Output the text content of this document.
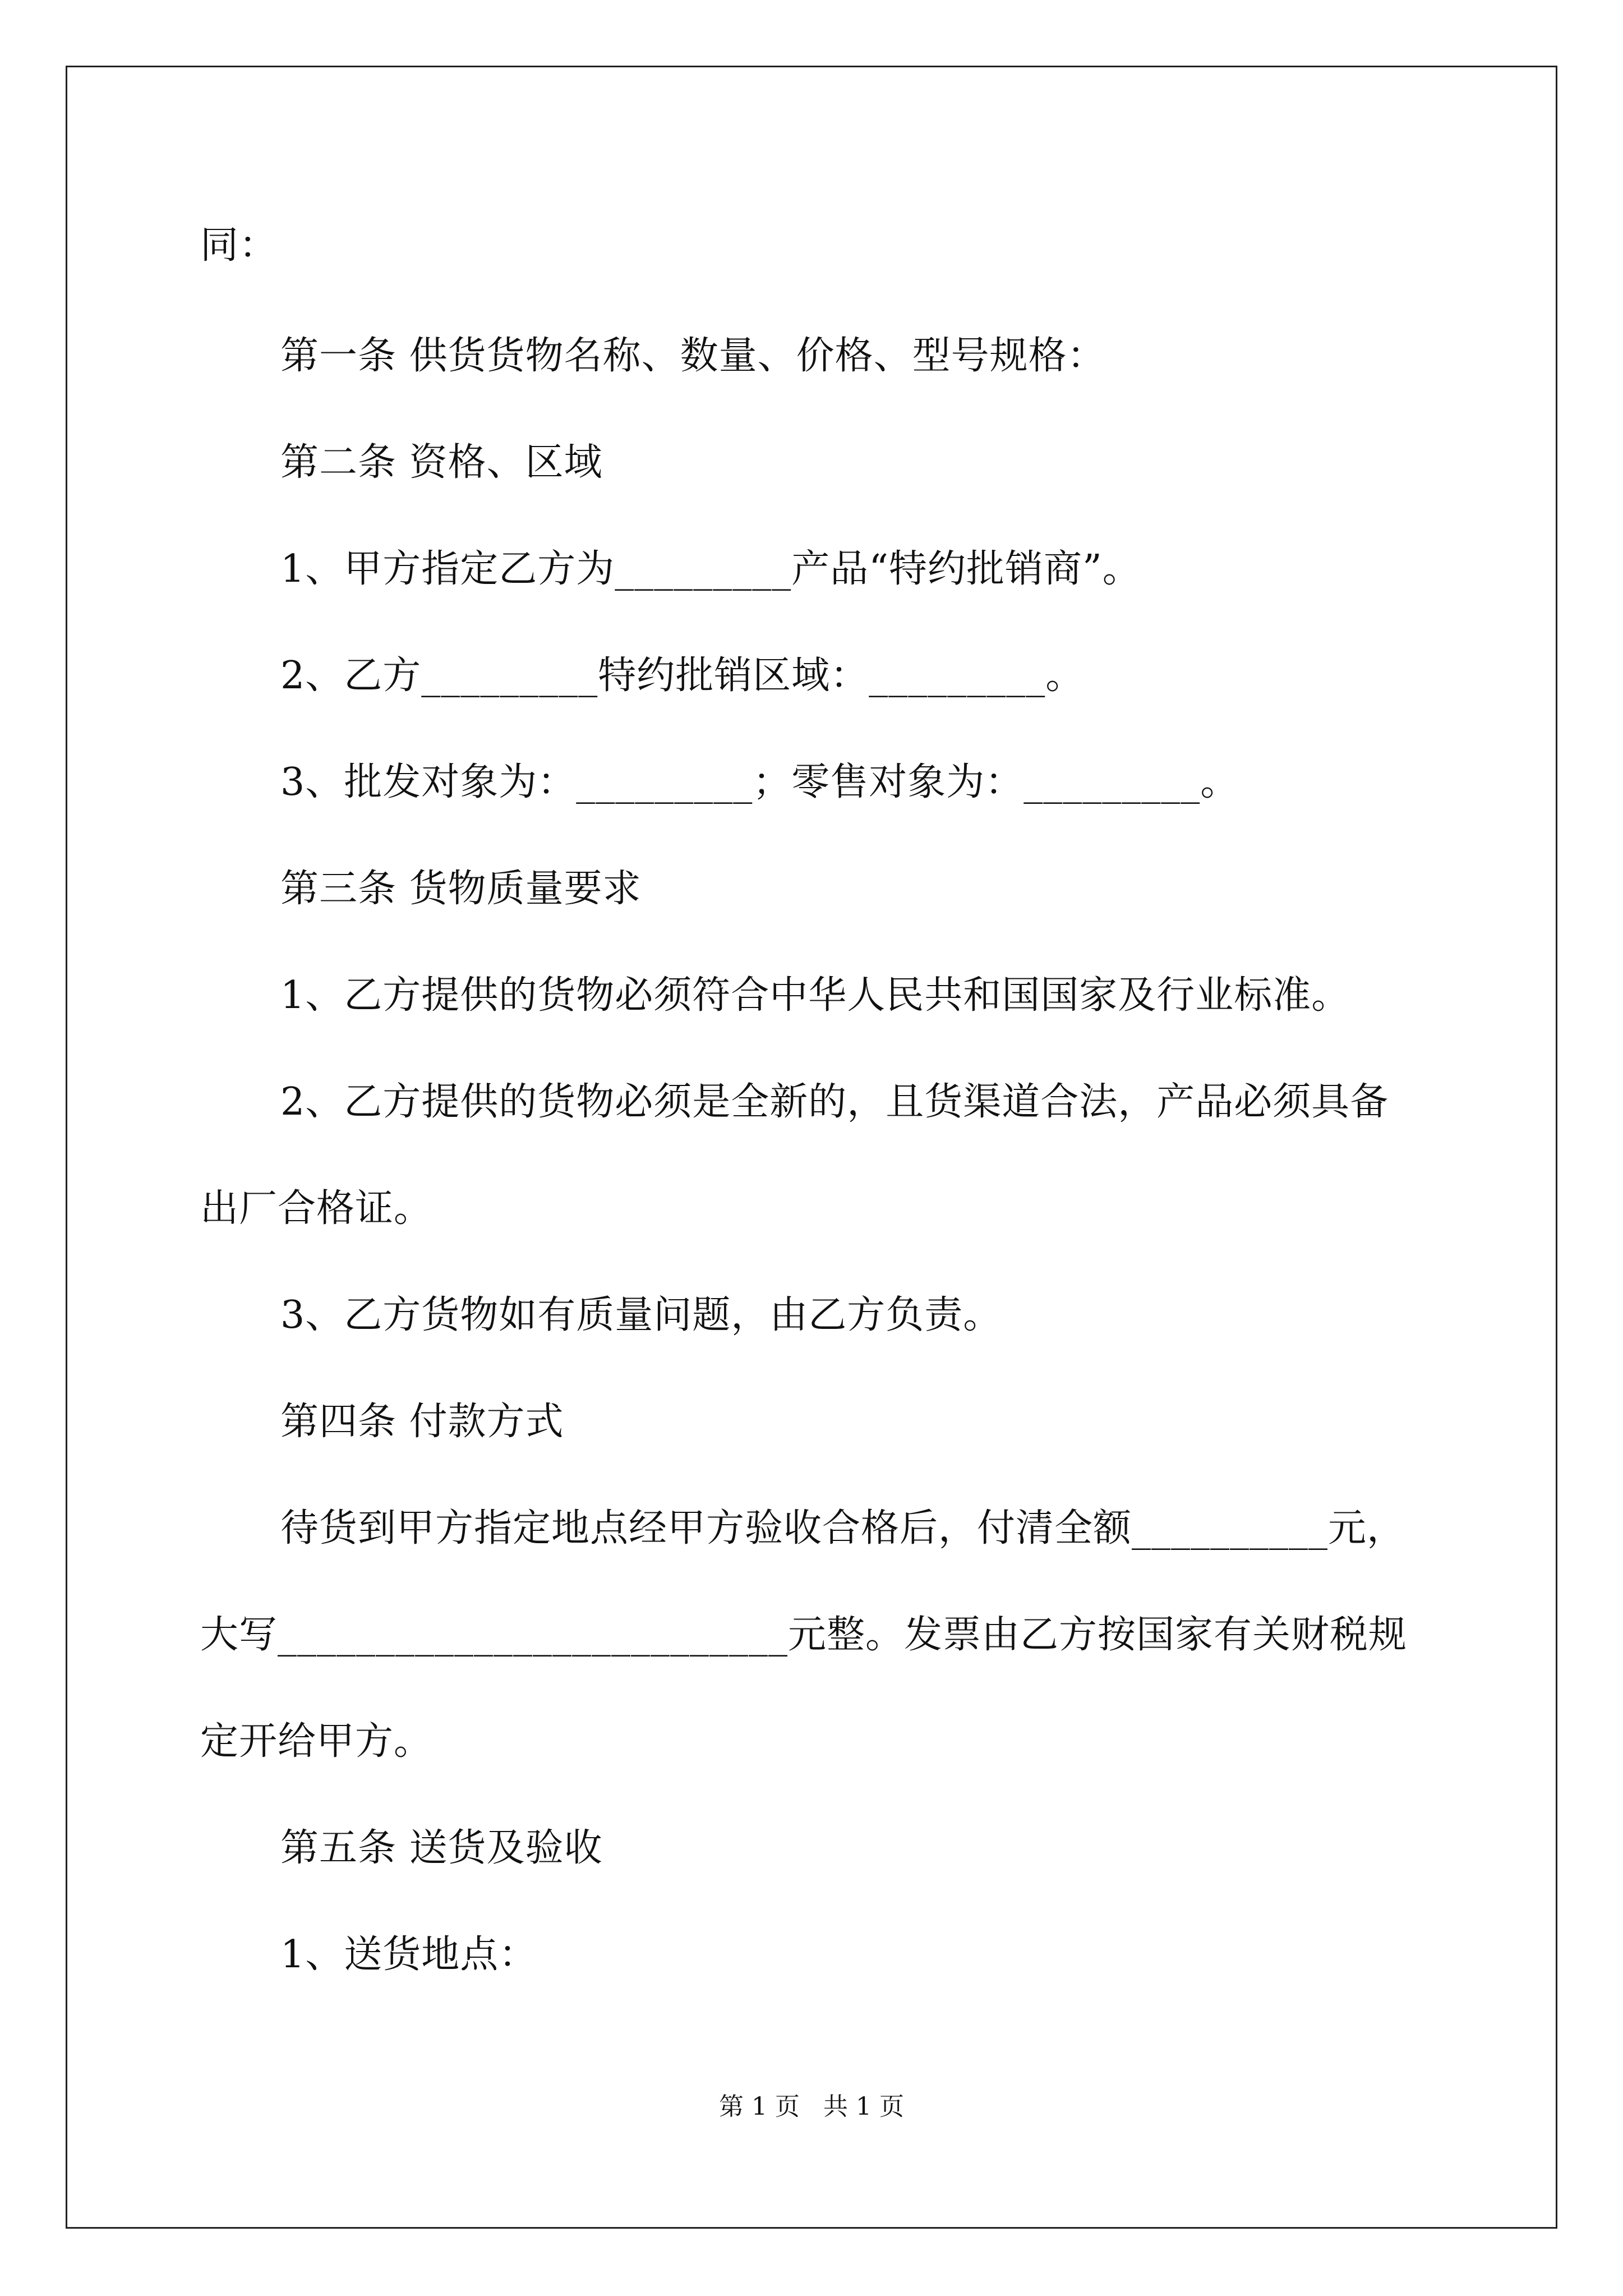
同：
第一条 供货货物名称、数量、价格、型号规格：
第二条 资格、区域
1、甲方指定乙方为_________产品“特约批销商”。
2、乙方_________特约批销区域：_________。
3、批发对象为：_________；零售对象为：_________。
第三条 货物质量要求
1、乙方提供的货物必须符合中华人民共和国国家及行业标准。
2、乙方提供的货物必须是全新的，且货渠道合法，产品必须具备
出厂合格证。
3、乙方货物如有质量问题，由乙方负责。
第四条 付款方式
待货到甲方指定地点经甲方验收合格后，付清全额__________元，
大写__________________________元整。发票由乙方按国家有关财税规
定开给甲方。
第五条 送货及验收
1、送货地点：
第 1 页   共 1 页
